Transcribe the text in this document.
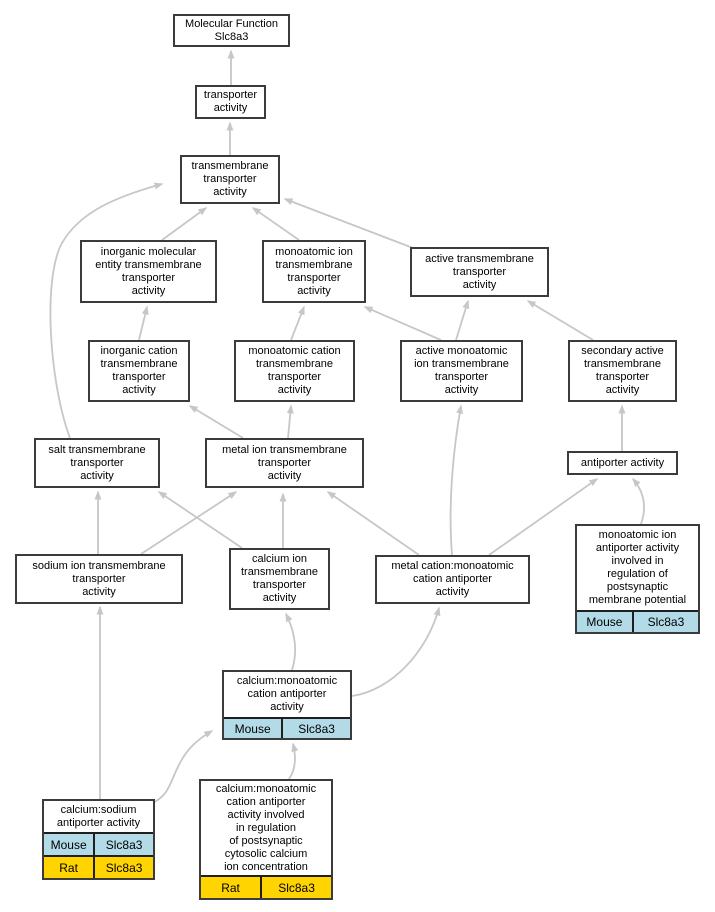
Molecular Function
Slc8a3
transporter
activity
transmembrane
transporter
activity
inorganic molecular
entity transmembrane
transporter
activity
monoatomic ion
transmembrane
transporter
activity
active transmembrane
transporter
activity
inorganic cation
transmembrane
transporter
activity
monoatomic cation
transmembrane
transporter
activity
active monoatomic
ion transmembrane
transporter
activity
secondary active
transmembrane
transporter
activity
salt transmembrane
transporter
activity
metal ion transmembrane
transporter
activity
antiporter activity
sodium ion transmembrane
transporter
activity
calcium ion
transmembrane
transporter
activity
metal cation:monoatomic
cation antiporter
activity
monoatomic ion
antiporter activity
involved in
regulation of
postsynaptic
membrane potential
Mouse	Slc8a3
calcium:monoatomic
cation antiporter
activity
Mouse	Slc8a3
calcium:sodium
antiporter activity
Mouse	Slc8a3
Rat	Slc8a3
calcium:monoatomic
cation antiporter
activity involved
in regulation
of postsynaptic
cytosolic calcium
ion concentration
Rat	Slc8a3
